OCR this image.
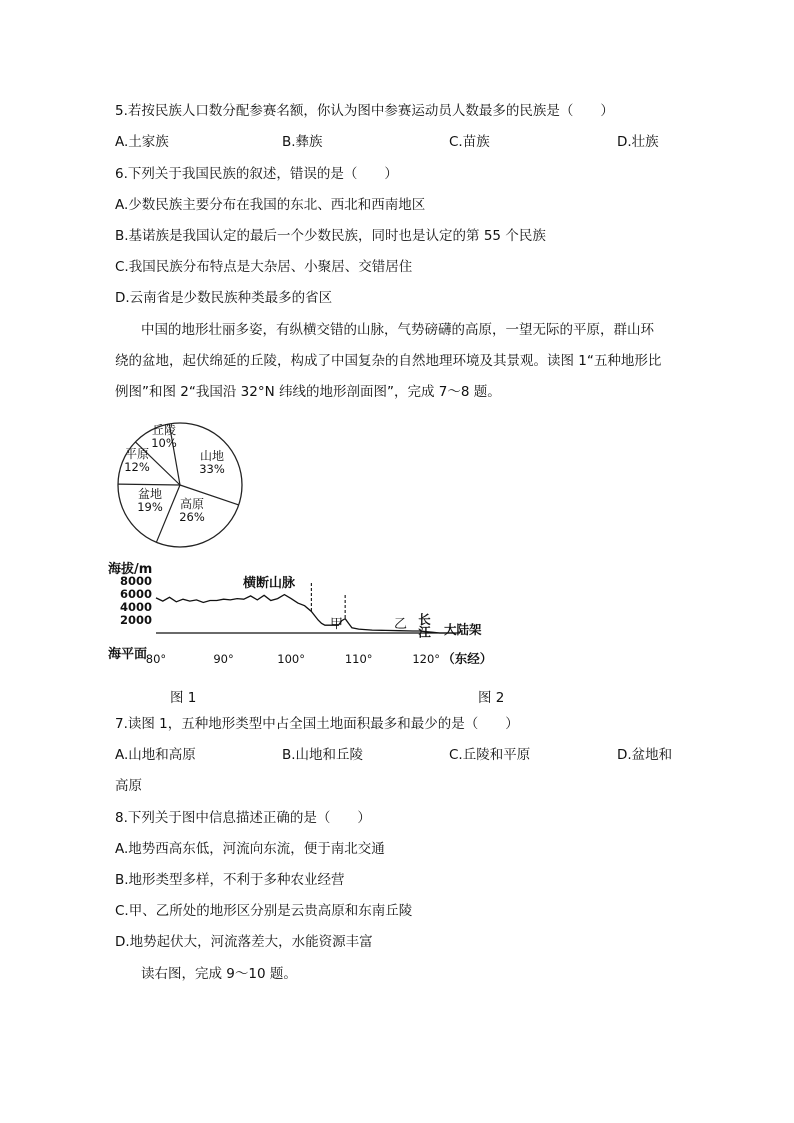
5.若按民族人口数分配参赛名额，你认为图中参赛运动员人数最多的民族是（　　）
A.土家族	B.彝族	C.苗族	D.壮族
6.下列关于我国民族的叙述，错误的是（　　）
A.少数民族主要分布在我国的东北、西北和西南地区
B.基诺族是我国认定的最后一个少数民族，同时也是认定的第 55 个民族
C.我国民族分布特点是大杂居、小聚居、交错居住
D.云南省是少数民族种类最多的省区
中国的地形壮丽多姿，有纵横交错的山脉，气势磅礴的高原，一望无际的平原，群山环
绕的盆地，起伏绵延的丘陵，构成了中国复杂的自然地理环境及其景观。读图 1“五种地形比
例图”和图 2“我国沿 32°N 纬线的地形剖面图”，完成 7～8 题。
山地
33%
高原
26%
盆地
19%
平原
12%
丘陵
10%
海拔/m
2000
4000
6000
8000
80°	90°	100°	110°	120°
海平面	（东经）
横断山脉
甲	乙 长江 大陆架
图 1	图 2
7.读图 1，五种地形类型中占全国土地面积最多和最少的是（　　）
A.山地和高原	B.山地和丘陵	C.丘陵和平原	D.盆地和
高原
8.下列关于图中信息描述正确的是（　　）
A.地势西高东低，河流向东流，便于南北交通
B.地形类型多样，不利于多种农业经营
C.甲、乙所处的地形区分别是云贵高原和东南丘陵
D.地势起伏大，河流落差大，水能资源丰富
读右图，完成 9～10 题。
